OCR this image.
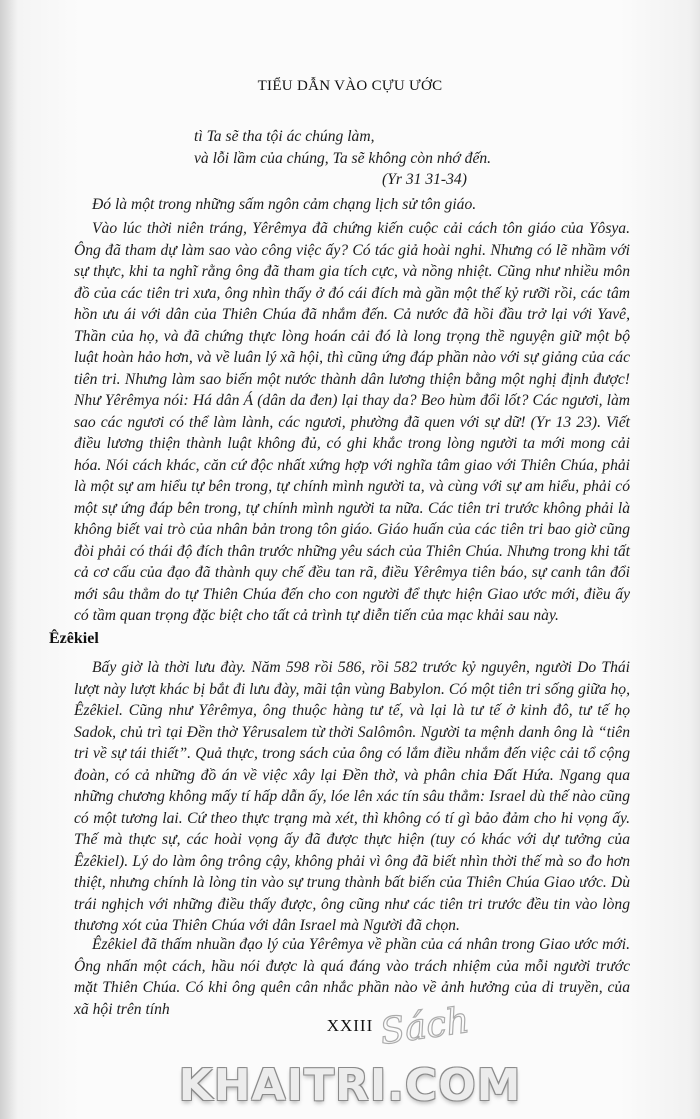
TIỂU DẪN VÀO CỰU ƯỚC

tì Ta sẽ tha tội ác chúng làm,

và lỗi lầm của chúng, Ta sẽ không còn nhớ đến.

(Yr 31 31-34)

Đó là một trong những sấm ngôn cảm chạng lịch sử tôn giáo.

Vào lúc thời niên tráng, Yêrêmya đã chứng kiến cuộc cải cách tôn giáo của Yôsya. Ông đã tham dự làm sao vào công việc ấy? Có tác giả hoài nghi. Nhưng có lẽ nhầm với sự thực, khi ta nghĩ rằng ông đã tham gia tích cực, và nồng nhiệt. Cũng như nhiều môn đồ của các tiên tri xưa, ông nhìn thấy ở đó cái đích mà gần một thế kỷ rưỡi rồi, các tâm hồn ưu ái với dân của Thiên Chúa đã nhắm đến. Cả nước đã hồi đầu trở lại với Yavê, Thần của họ, và đã chứng thực lòng hoán cải đó là long trọng thề nguyện giữ một bộ luật hoàn hảo hơn, và về luân lý xã hội, thì cũng ứng đáp phần nào với sự giảng của các tiên tri. Nhưng làm sao biến một nước thành dân lương thiện bằng một nghị định được! Như Yêrêmya nói: Há dân Á (dân da đen) lại thay da? Beo hùm đổi lốt? Các ngươi, làm sao các ngươi có thể làm lành, các ngươi, phường đã quen với sự dữ! (Yr 13 23). Viết điều lương thiện thành luật không đủ, có ghi khắc trong lòng người ta mới mong cải hóa. Nói cách khác, căn cứ độc nhất xứng hợp với nghĩa tâm giao với Thiên Chúa, phải là một sự am hiểu tự bên trong, tự chính mình người ta, và cùng với sự am hiểu, phải có một sự ứng đáp bên trong, tự chính mình người ta nữa. Các tiên tri trước không phải là không biết vai trò của nhân bản trong tôn giáo. Giáo huấn của các tiên tri bao giờ cũng đòi phải có thái độ đích thân trước những yêu sách của Thiên Chúa. Nhưng trong khi tất cả cơ cấu của đạo đã thành quy chế đều tan rã, điều Yêrêmya tiên báo, sự canh tân đổi mới sâu thẳm do tự Thiên Chúa đến cho con người để thực hiện Giao ước mới, điều ấy có tầm quan trọng đặc biệt cho tất cả trình tự diễn tiến của mạc khải sau này.

Êzêkiel

Bấy giờ là thời lưu đày. Năm 598 rồi 586, rồi 582 trước kỷ nguyên, người Do Thái lượt này lượt khác bị bắt đi lưu đày, mãi tận vùng Babylon. Có một tiên tri sống giữa họ, Êzêkiel. Cũng như Yêrêmya, ông thuộc hàng tư tế, và lại là tư tế ở kinh đô, tư tế họ Sadok, chủ trì tại Đền thờ Yêrusalem từ thời Salômôn. Người ta mệnh danh ông là “tiên tri về sự tái thiết”. Quả thực, trong sách của ông có lắm điều nhắm đến việc cải tổ cộng đoàn, có cả những đồ án về việc xây lại Đền thờ, và phân chia Đất Hứa. Ngang qua những chương không mấy tí hấp dẫn ấy, lóe lên xác tín sâu thẳm: Israel dù thế nào cũng có một tương lai. Cứ theo thực trạng mà xét, thì không có tí gì bảo đảm cho hi vọng ấy. Thế mà thực sự, các hoài vọng ấy đã được thực hiện (tuy có khác với dự tưởng của Êzêkiel). Lý do làm ông trông cậy, không phải vì ông đã biết nhìn thời thế mà so đo hơn thiệt, nhưng chính là lòng tin vào sự trung thành bất biến của Thiên Chúa Giao ước. Dù trái nghịch với những điều thấy được, ông cũng như các tiên tri trước đều tin vào lòng thương xót của Thiên Chúa với dân Israel mà Người đã chọn.

Êzêkiel đã thấm nhuần đạo lý của Yêrêmya về phần của cá nhân trong Giao ước mới. Ông nhấn một cách, hầu nói được là quá đáng vào trách nhiệm của mỗi người trước mặt Thiên Chúa. Có khi ông quên cân nhắc phần nào về ảnh hưởng của di truyền, của xã hội trên tính

XXIII Sách
KHAITRI.COM
